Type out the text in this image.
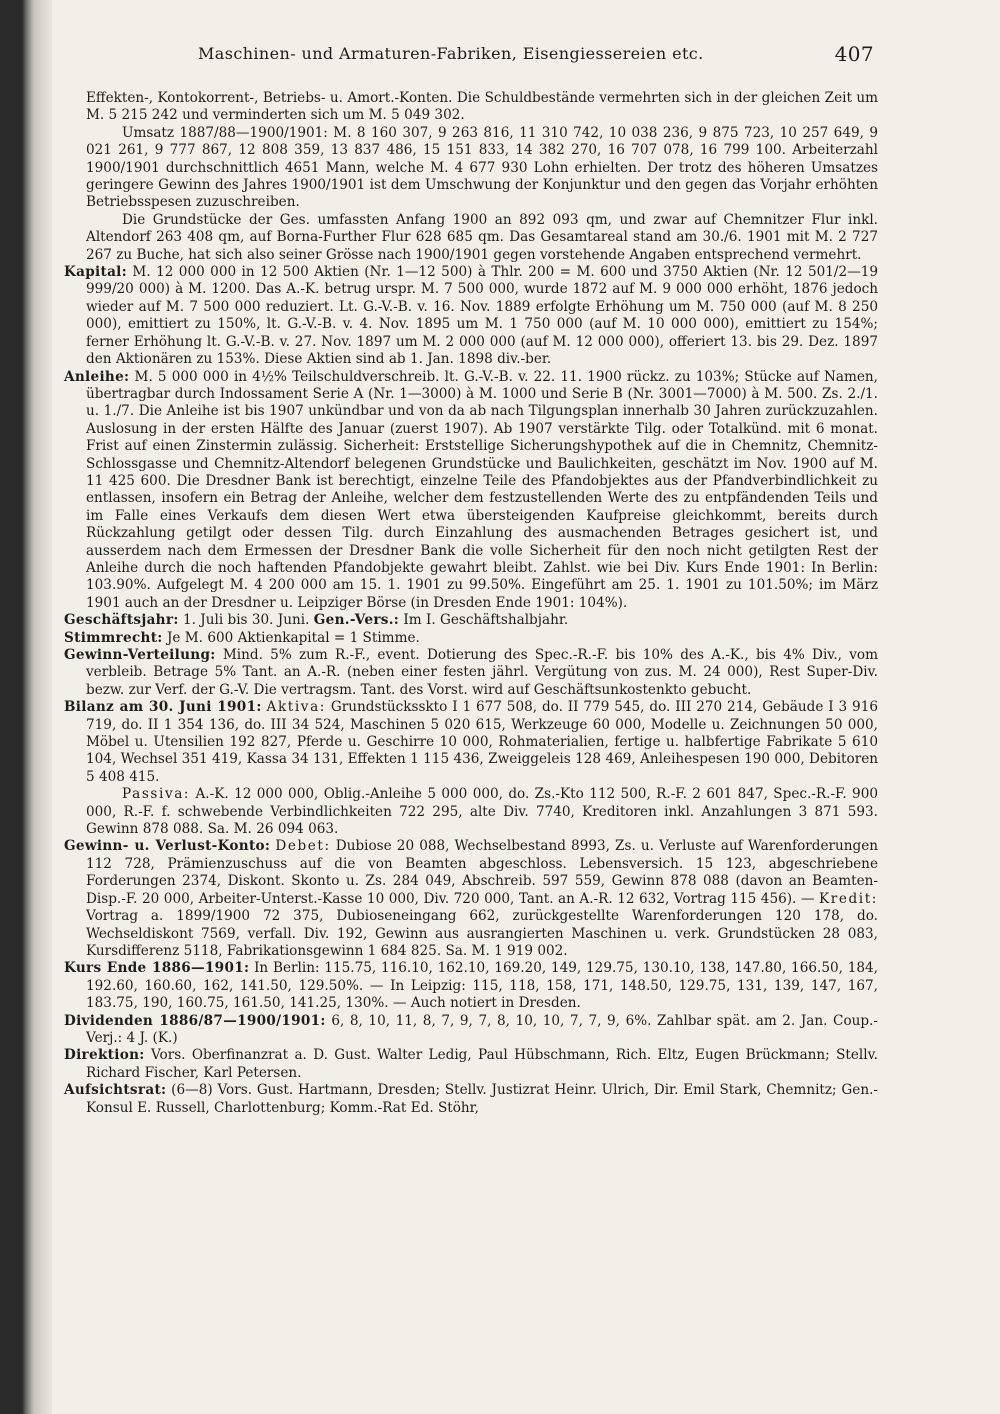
Maschinen- und Armaturen-Fabriken, Eisengiessereien etc.	407

Effekten-, Kontokorrent-, Betriebs- u. Amort.-Konten. Die Schuldbestände vermehrten sich in der gleichen Zeit um M. 5 215 242 und verminderten sich um M. 5 049 302.

Umsatz 1887/88—1900/1901: M. 8 160 307, 9 263 816, 11 310 742, 10 038 236, 9 875 723, 10 257 649, 9 021 261, 9 777 867, 12 808 359, 13 837 486, 15 151 833, 14 382 270, 16 707 078, 16 799 100. Arbeiterzahl 1900/1901 durchschnittlich 4651 Mann, welche M. 4 677 930 Lohn erhielten. Der trotz des höheren Umsatzes geringere Gewinn des Jahres 1900/1901 ist dem Umschwung der Konjunktur und den gegen das Vorjahr erhöhten Betriebsspesen zuzuschreiben.

Die Grundstücke der Ges. umfassten Anfang 1900 an 892 093 qm, und zwar auf Chemnitzer Flur inkl. Altendorf 263 408 qm, auf Borna-Further Flur 628 685 qm. Das Gesamtareal stand am 30./6. 1901 mit M. 2 727 267 zu Buche, hat sich also seiner Grösse nach 1900/1901 gegen vorstehende Angaben entsprechend vermehrt.

Kapital: M. 12 000 000 in 12 500 Aktien (Nr. 1—12 500) à Thlr. 200 = M. 600 und 3750 Aktien (Nr. 12 501/2—19 999/20 000) à M. 1200. Das A.-K. betrug urspr. M. 7 500 000, wurde 1872 auf M. 9 000 000 erhöht, 1876 jedoch wieder auf M. 7 500 000 reduziert. Lt. G.-V.-B. v. 16. Nov. 1889 erfolgte Erhöhung um M. 750 000 (auf M. 8 250 000), emittiert zu 150%, lt. G.-V.-B. v. 4. Nov. 1895 um M. 1 750 000 (auf M. 10 000 000), emittiert zu 154%; ferner Erhöhung lt. G.-V.-B. v. 27. Nov. 1897 um M. 2 000 000 (auf M. 12 000 000), offeriert 13. bis 29. Dez. 1897 den Aktionären zu 153%. Diese Aktien sind ab 1. Jan. 1898 div.-ber.

Anleihe: M. 5 000 000 in 4½% Teilschuldverschreib. lt. G.-V.-B. v. 22. 11. 1900 rückz. zu 103%; Stücke auf Namen, übertragbar durch Indossament Serie A (Nr. 1—3000) à M. 1000 und Serie B (Nr. 3001—7000) à M. 500. Zs. 2./1. u. 1./7. Die Anleihe ist bis 1907 unkündbar und von da ab nach Tilgungsplan innerhalb 30 Jahren zurückzuzahlen. Auslosung in der ersten Hälfte des Januar (zuerst 1907). Ab 1907 verstärkte Tilg. oder Totalkünd. mit 6 monat. Frist auf einen Zinstermin zulässig. Sicherheit: Erststellige Sicherungshypothek auf die in Chemnitz, Chemnitz-Schlossgasse und Chemnitz-Altendorf belegenen Grundstücke und Baulichkeiten, geschätzt im Nov. 1900 auf M. 11 425 600. Die Dresdner Bank ist berechtigt, einzelne Teile des Pfandobjektes aus der Pfandverbindlichkeit zu entlassen, insofern ein Betrag der Anleihe, welcher dem festzustellenden Werte des zu entpfändenden Teils und im Falle eines Verkaufs dem diesen Wert etwa übersteigenden Kaufpreise gleichkommt, bereits durch Rückzahlung getilgt oder dessen Tilg. durch Einzahlung des ausmachenden Betrages gesichert ist, und ausserdem nach dem Ermessen der Dresdner Bank die volle Sicherheit für den noch nicht getilgten Rest der Anleihe durch die noch haftenden Pfandobjekte gewahrt bleibt. Zahlst. wie bei Div. Kurs Ende 1901: In Berlin: 103.90%. Aufgelegt M. 4 200 000 am 15. 1. 1901 zu 99.50%. Eingeführt am 25. 1. 1901 zu 101.50%; im März 1901 auch an der Dresdner u. Leipziger Börse (in Dresden Ende 1901: 104%).

Geschäftsjahr: 1. Juli bis 30. Juni. Gen.-Vers.: Im I. Geschäftshalbjahr.

Stimmrecht: Je M. 600 Aktienkapital = 1 Stimme.

Gewinn-Verteilung: Mind. 5% zum R.-F., event. Dotierung des Spec.-R.-F. bis 10% des A.-K., bis 4% Div., vom verbleib. Betrage 5% Tant. an A.-R. (neben einer festen jährl. Vergütung von zus. M. 24 000), Rest Super-Div. bezw. zur Verf. der G.-V. Die vertragsm. Tant. des Vorst. wird auf Geschäftsunkostenkto gebucht.

Bilanz am 30. Juni 1901: Aktiva: Grundstücksskto I 1 677 508, do. II 779 545, do. III 270 214, Gebäude I 3 916 719, do. II 1 354 136, do. III 34 524, Maschinen 5 020 615, Werkzeuge 60 000, Modelle u. Zeichnungen 50 000, Möbel u. Utensilien 192 827, Pferde u. Geschirre 10 000, Rohmaterialien, fertige u. halbfertige Fabrikate 5 610 104, Wechsel 351 419, Kassa 34 131, Effekten 1 115 436, Zweiggeleis 128 469, Anleihespesen 190 000, Debitoren 5 408 415.

Passiva: A.-K. 12 000 000, Oblig.-Anleihe 5 000 000, do. Zs.-Kto 112 500, R.-F. 2 601 847, Spec.-R.-F. 900 000, R.-F. f. schwebende Verbindlichkeiten 722 295, alte Div. 7740, Kreditoren inkl. Anzahlungen 3 871 593. Gewinn 878 088. Sa. M. 26 094 063.

Gewinn- u. Verlust-Konto: Debet: Dubiose 20 088, Wechselbestand 8993, Zs. u. Verluste auf Warenforderungen 112 728, Prämienzuschuss auf die von Beamten abgeschloss. Lebensversich. 15 123, abgeschriebene Forderungen 2374, Diskont. Skonto u. Zs. 284 049, Abschreib. 597 559, Gewinn 878 088 (davon an Beamten-Disp.-F. 20 000, Arbeiter-Unterst.-Kasse 10 000, Div. 720 000, Tant. an A.-R. 12 632, Vortrag 115 456). — Kredit: Vortrag a. 1899/1900 72 375, Dubioseneingang 662, zurückgestellte Warenforderungen 120 178, do. Wechseldiskont 7569, verfall. Div. 192, Gewinn aus ausrangierten Maschinen u. verk. Grundstücken 28 083, Kursdifferenz 5118, Fabrikationsgewinn 1 684 825. Sa. M. 1 919 002.

Kurs Ende 1886—1901: In Berlin: 115.75, 116.10, 162.10, 169.20, 149, 129.75, 130.10, 138, 147.80, 166.50, 184, 192.60, 160.60, 162, 141.50, 129.50%. — In Leipzig: 115, 118, 158, 171, 148.50, 129.75, 131, 139, 147, 167, 183.75, 190, 160.75, 161.50, 141.25, 130%. — Auch notiert in Dresden.

Dividenden 1886/87—1900/1901: 6, 8, 10, 11, 8, 7, 9, 7, 8, 10, 10, 7, 7, 9, 6%. Zahlbar spät. am 2. Jan. Coup.-Verj.: 4 J. (K.)

Direktion: Vors. Oberfinanzrat a. D. Gust. Walter Ledig, Paul Hübschmann, Rich. Eltz, Eugen Brückmann; Stellv. Richard Fischer, Karl Petersen.

Aufsichtsrat: (6—8) Vors. Gust. Hartmann, Dresden; Stellv. Justizrat Heinr. Ulrich, Dir. Emil Stark, Chemnitz; Gen.-Konsul E. Russell, Charlottenburg; Komm.-Rat Ed. Stöhr,
